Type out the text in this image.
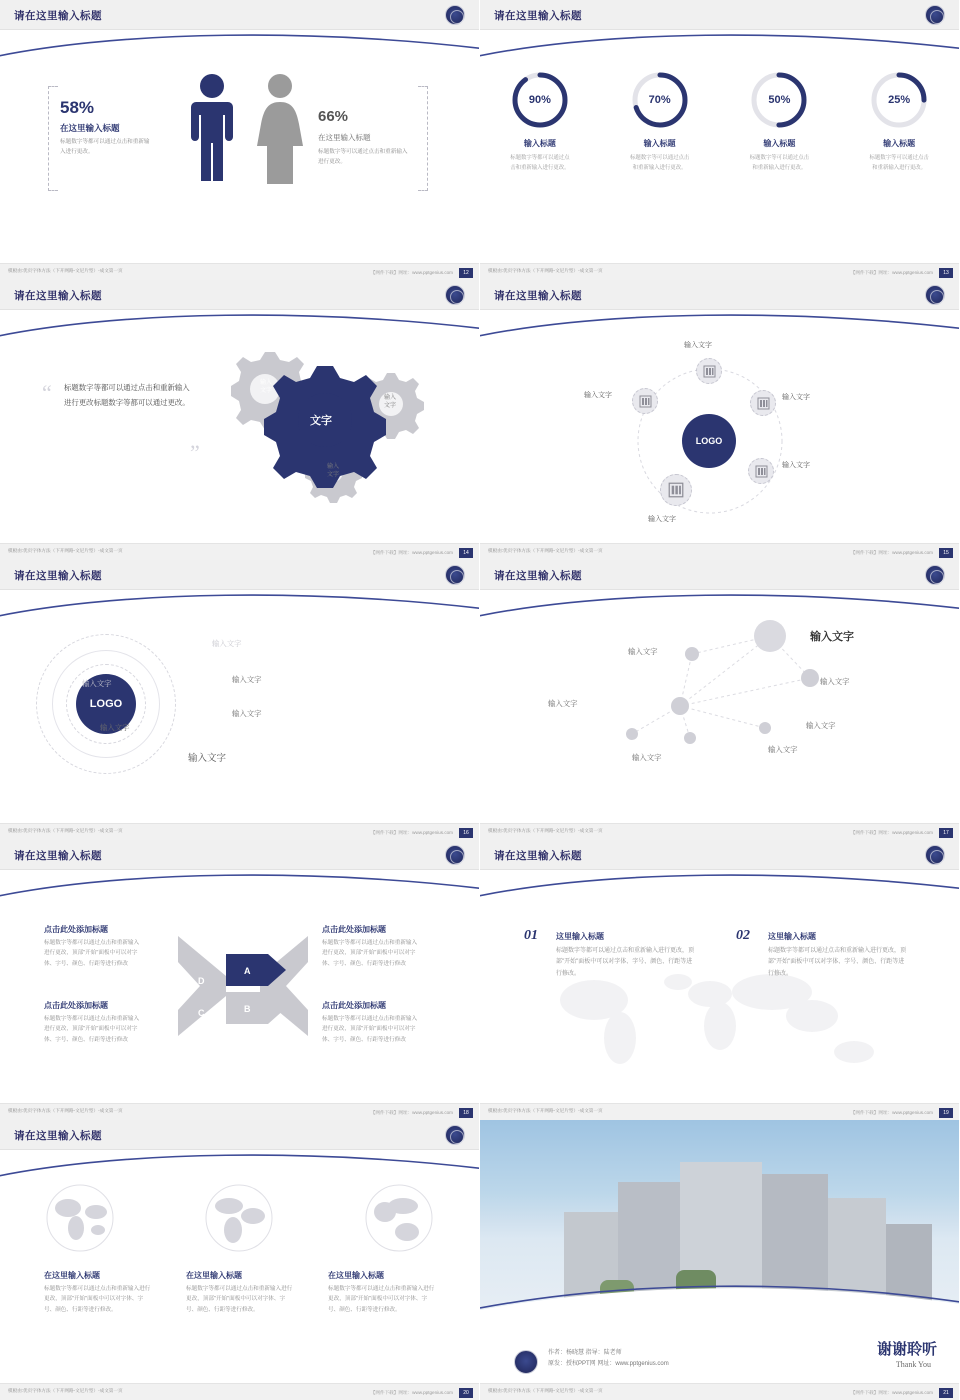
请在这里输入标题
58%
在这里输入标题
标题数字等都可以通过点击和重新输入进行更改。
66%
在这里输入标题
标题数字等可以通过点击和重新输入进行更改。
模板由:优页字体方法（下开网路-文尼片型）-成文第一页	【网件下载】网址：www.pptgenius.com	12
请在这里输入标题
90%
输入标题
标题数字等都可以通过点击和重新输入进行更改。
70%
输入标题
标题数字等可以通过点击和重新输入进行更改。
50%
输入标题
标题数字等可以通过点击和重新输入进行更改。
25%
输入标题
标题数字等可以通过点击和重新输入进行更改。
模板由:优页字体方法（下开网路-文尼片型）-成文第一页	【网件下载】网址：www.pptgenius.com	13
请在这里输入标题
“ 标题数字等都可以通过点击和重新输入进行更改标题数字等都可以通过更改。
”
输入
文字
文字
输入
文字
输入
文字
模板由:优页字体方法（下开网路-文尼片型）-成文第一页	【网件下载】网址：www.pptgenius.com	14
请在这里输入标题
LOGO
输入文字
输入文字
输入文字
输入文字
输入文字
模板由:优页字体方法（下开网路-文尼片型）-成文第一页	【网件下载】网址：www.pptgenius.com	15
请在这里输入标题
LOGO
输入文字
输入文字
输入文字
输入文字
输入文字
输入文字
模板由:优页字体方法（下开网路-文尼片型）-成文第一页	【网件下载】网址：www.pptgenius.com	16
请在这里输入标题
输入文字
输入文字
输入文字
输入文字
输入文字
输入文字
输入文字
模板由:优页字体方法（下开网路-文尼片型）-成文第一页	【网件下载】网址：www.pptgenius.com	17
请在这里输入标题
D
A
C	B
点击此处添加标题
标题数字等都可以通过点击和重新输入进行更改，顶部"开始"面板中可以对字体、字号、颜色、行距等进行修改
点击此处添加标题
标题数字等都可以通过点击和重新输入进行更改，顶部"开始"面板中可以对字体、字号、颜色、行距等进行修改
点击此处添加标题
标题数字等都可以通过点击和重新输入进行更改，顶部"开始"面板中可以对字体、字号、颜色、行距等进行修改
点击此处添加标题
标题数字等都可以通过点击和重新输入进行更改，顶部"开始"面板中可以对字体、字号、颜色、行距等进行修改
模板由:优页字体方法（下开网路-文尼片型）-成文第一页	【网件下载】网址：www.pptgenius.com	18
请在这里输入标题
01 这里输入标题
标题数字等都可以通过点击和重新输入进行更改，顶部"开始"面板中可以对字体、字号、颜色、行距等进行修改。
02 这里输入标题
标题数字等都可以通过点击和重新输入进行更改，顶部"开始"面板中可以对字体、字号、颜色、行距等进行修改。
模板由:优页字体方法（下开网路-文尼片型）-成文第一页	【网件下载】网址：www.pptgenius.com	19
请在这里输入标题
在这里输入标题
标题数字等都可以通过点击和重新输入进行更改，顶部"开始"面板中可以对字体、字号、颜色、行距等进行修改。
在这里输入标题
标题数字等都可以通过点击和重新输入进行更改，顶部"开始"面板中可以对字体、字号、颜色、行距等进行修改。
在这里输入标题
标题数字等都可以通过点击和重新输入进行更改，顶部"开始"面板中可以对字体、字号、颜色、行距等进行修改。
模板由:优页字体方法（下开网路-文尼片型）-成文第一页	【网件下载】网址：www.pptgenius.com	20
谢谢聆听
Thank You
作者：杨晓慧 指导：陆老师
原发：授权PPT网 网址：www.pptgenius.com
模板由:优页字体方法（下开网路-文尼片型）-成文第一页	【网件下载】网址：www.pptgenius.com	21
